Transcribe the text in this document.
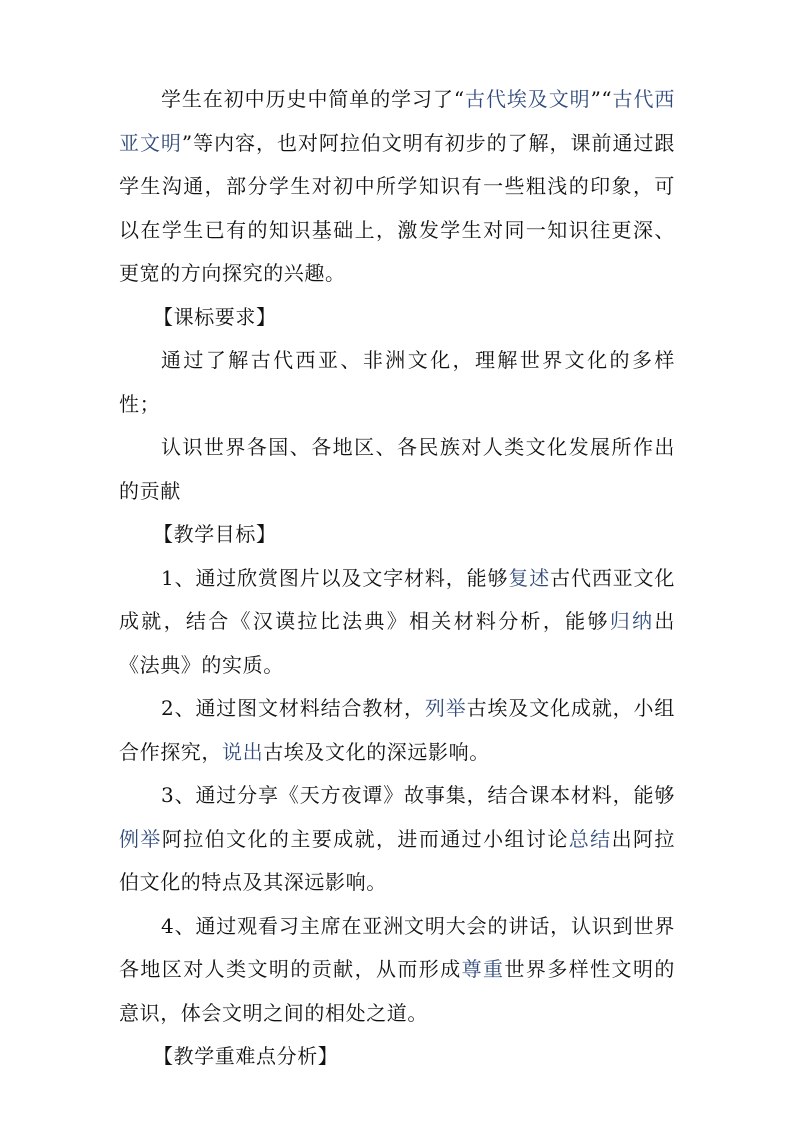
学生在初中历史中简单的学习了“古代埃及文明”“古代西亚文明”等内容，也对阿拉伯文明有初步的了解，课前通过跟学生沟通，部分学生对初中所学知识有一些粗浅的印象，可以在学生已有的知识基础上，激发学生对同一知识往更深、更宽的方向探究的兴趣。

【课标要求】

通过了解古代西亚、非洲文化，理解世界文化的多样性；

认识世界各国、各地区、各民族对人类文化发展所作出的贡献

【教学目标】

1、通过欣赏图片以及文字材料，能够复述古代西亚文化成就，结合《汉谟拉比法典》相关材料分析，能够归纳出《法典》的实质。

2、通过图文材料结合教材，列举古埃及文化成就，小组合作探究，说出古埃及文化的深远影响。

3、通过分享《天方夜谭》故事集，结合课本材料，能够例举阿拉伯文化的主要成就，进而通过小组讨论总结出阿拉伯文化的特点及其深远影响。

4、通过观看习主席在亚洲文明大会的讲话，认识到世界各地区对人类文明的贡献，从而形成尊重世界多样性文明的意识，体会文明之间的相处之道。

【教学重难点分析】
